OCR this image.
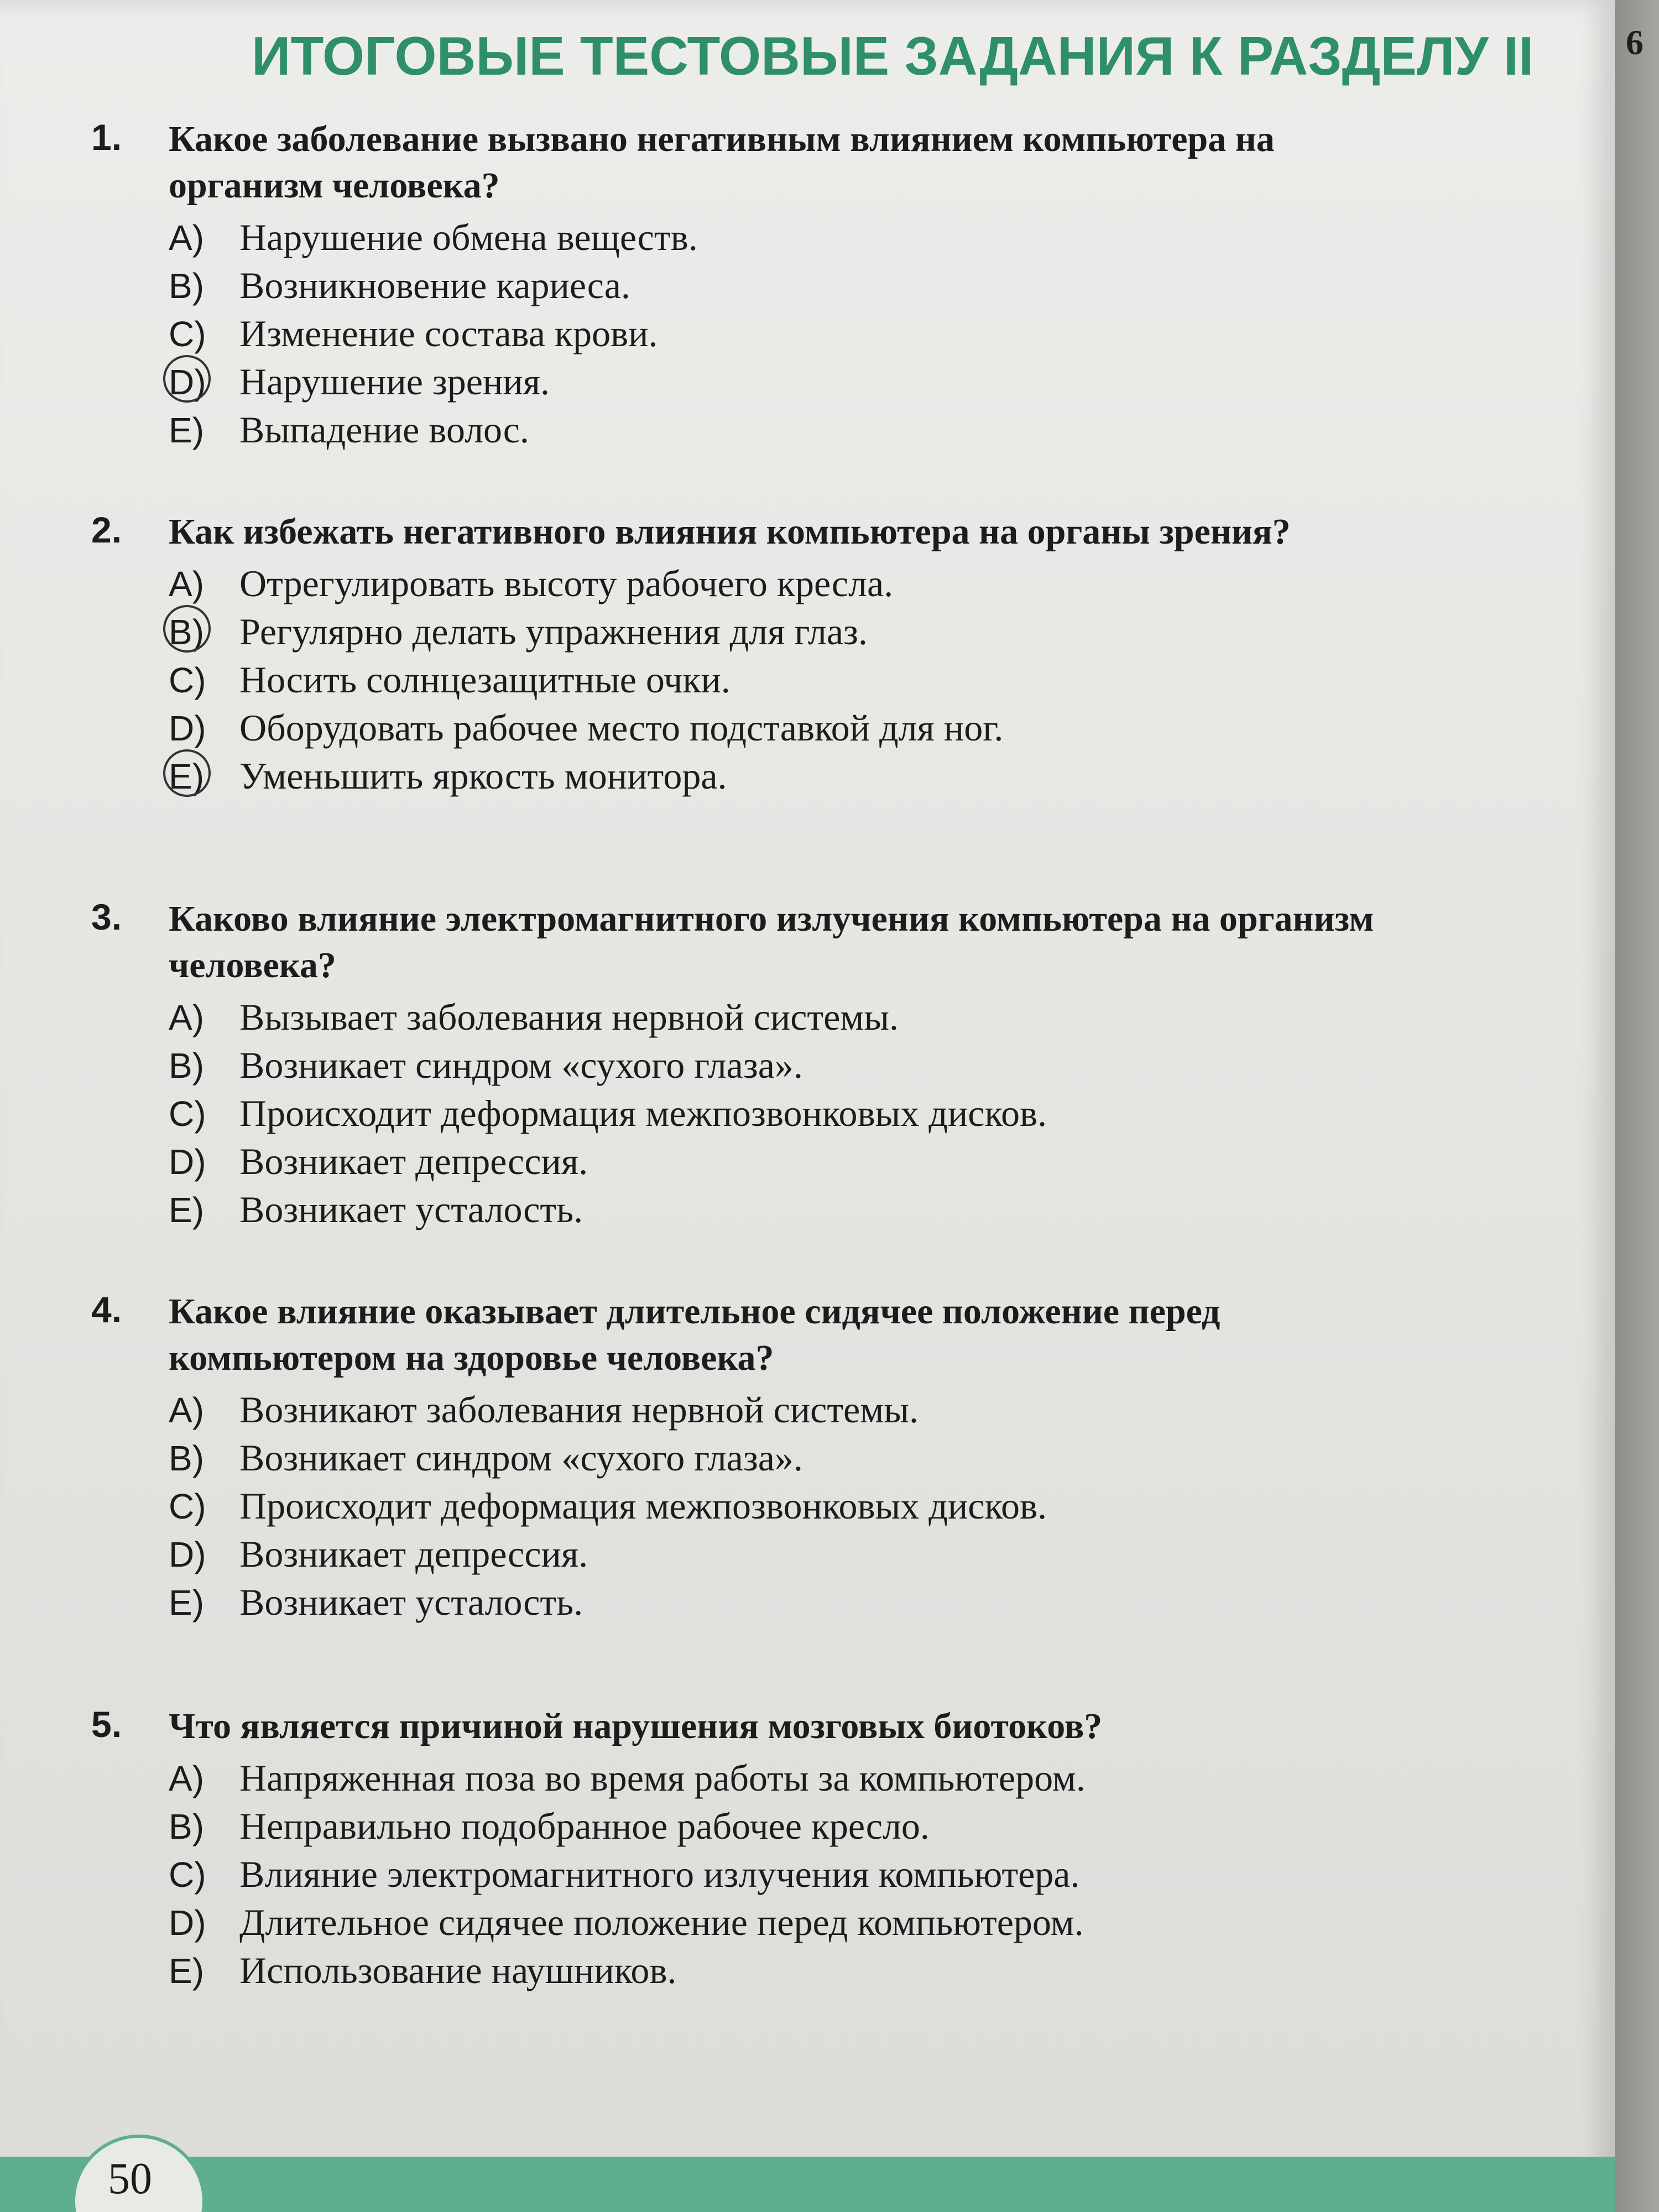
ИТОГОВЫЕ ТЕСТОВЫЕ ЗАДАНИЯ К РАЗДЕЛУ II
1. Какое заболевание вызвано негативным влиянием компьютера на организм человека?
A) Нарушение обмена веществ.
B) Возникновение кариеса.
C) Изменение состава крови.
D) Нарушение зрения.
E) Выпадение волос.
2. Как избежать негативного влияния компьютера на органы зрения?
A) Отрегулировать высоту рабочего кресла.
B) Регулярно делать упражнения для глаз.
C) Носить солнцезащитные очки.
D) Оборудовать рабочее место подставкой для ног.
E) Уменьшить яркость монитора.
3. Каково влияние электромагнитного излучения компьютера на организм человека?
A) Вызывает заболевания нервной системы.
B) Возникает синдром «сухого глаза».
C) Происходит деформация межпозвонковых дисков.
D) Возникает депрессия.
E) Возникает усталость.
4. Какое влияние оказывает длительное сидячее положение перед компьютером на здоровье человека?
A) Возникают заболевания нервной системы.
B) Возникает синдром «сухого глаза».
C) Происходит деформация межпозвонковых дисков.
D) Возникает депрессия.
E) Возникает усталость.
5. Что является причиной нарушения мозговых биотоков?
A) Напряженная поза во время работы за компьютером.
B) Неправильно подобранное рабочее кресло.
C) Влияние электромагнитного излучения компьютера.
D) Длительное сидячее положение перед компьютером.
E) Использование наушников.
50
6
